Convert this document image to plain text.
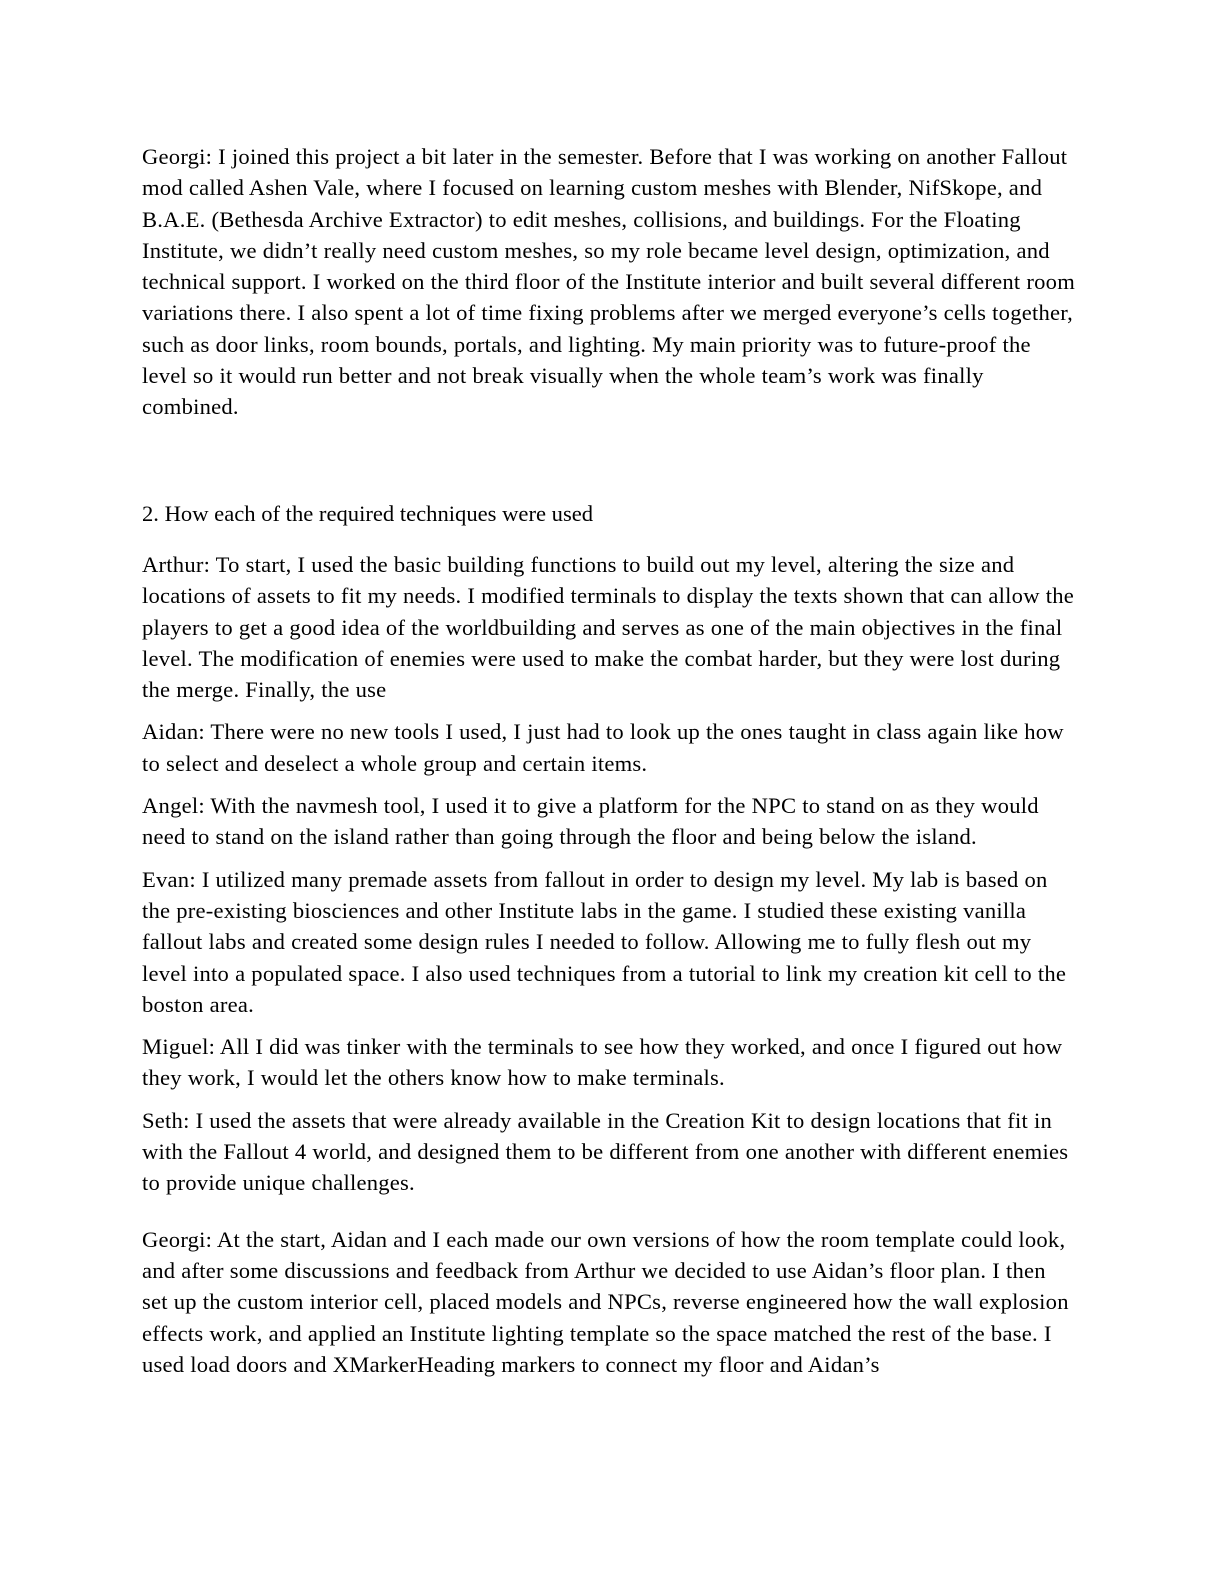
Georgi: I joined this project a bit later in the semester. Before that I was working on another Fallout mod called Ashen Vale, where I focused on learning custom meshes with Blender, NifSkope, and B.A.E. (Bethesda Archive Extractor) to edit meshes, collisions, and buildings. For the Floating Institute, we didn’t really need custom meshes, so my role became level design, optimization, and technical support. I worked on the third floor of the Institute interior and built several different room variations there. I also spent a lot of time fixing problems after we merged everyone’s cells together, such as door links, room bounds, portals, and lighting. My main priority was to future-proof the level so it would run better and not break visually when the whole team’s work was finally combined.

2. How each of the required techniques were used

Arthur: To start, I used the basic building functions to build out my level, altering the size and locations of assets to fit my needs. I modified terminals to display the texts shown that can allow the players to get a good idea of the worldbuilding and serves as one of the main objectives in the final level. The modification of enemies were used to make the combat harder, but they were lost during the merge. Finally, the use

Aidan: There were no new tools I used, I just had to look up the ones taught in class again like how to select and deselect a whole group and certain items.

Angel: With the navmesh tool, I used it to give a platform for the NPC to stand on as they would need to stand on the island rather than going through the floor and being below the island.

Evan: I utilized many premade assets from fallout in order to design my level. My lab is based on the pre-existing biosciences and other Institute labs in the game. I studied these existing vanilla fallout labs and created some design rules I needed to follow. Allowing me to fully flesh out my level into a populated space. I also used techniques from a tutorial to link my creation kit cell to the boston area.

Miguel: All I did was tinker with the terminals to see how they worked, and once I figured out how they work, I would let the others know how to make terminals.

Seth: I used the assets that were already available in the Creation Kit to design locations that fit in with the Fallout 4 world, and designed them to be different from one another with different enemies to provide unique challenges.

Georgi: At the start, Aidan and I each made our own versions of how the room template could look, and after some discussions and feedback from Arthur we decided to use Aidan’s floor plan. I then set up the custom interior cell, placed models and NPCs, reverse engineered how the wall explosion effects work, and applied an Institute lighting template so the space matched the rest of the base. I used load doors and XMarkerHeading markers to connect my floor and Aidan’s
